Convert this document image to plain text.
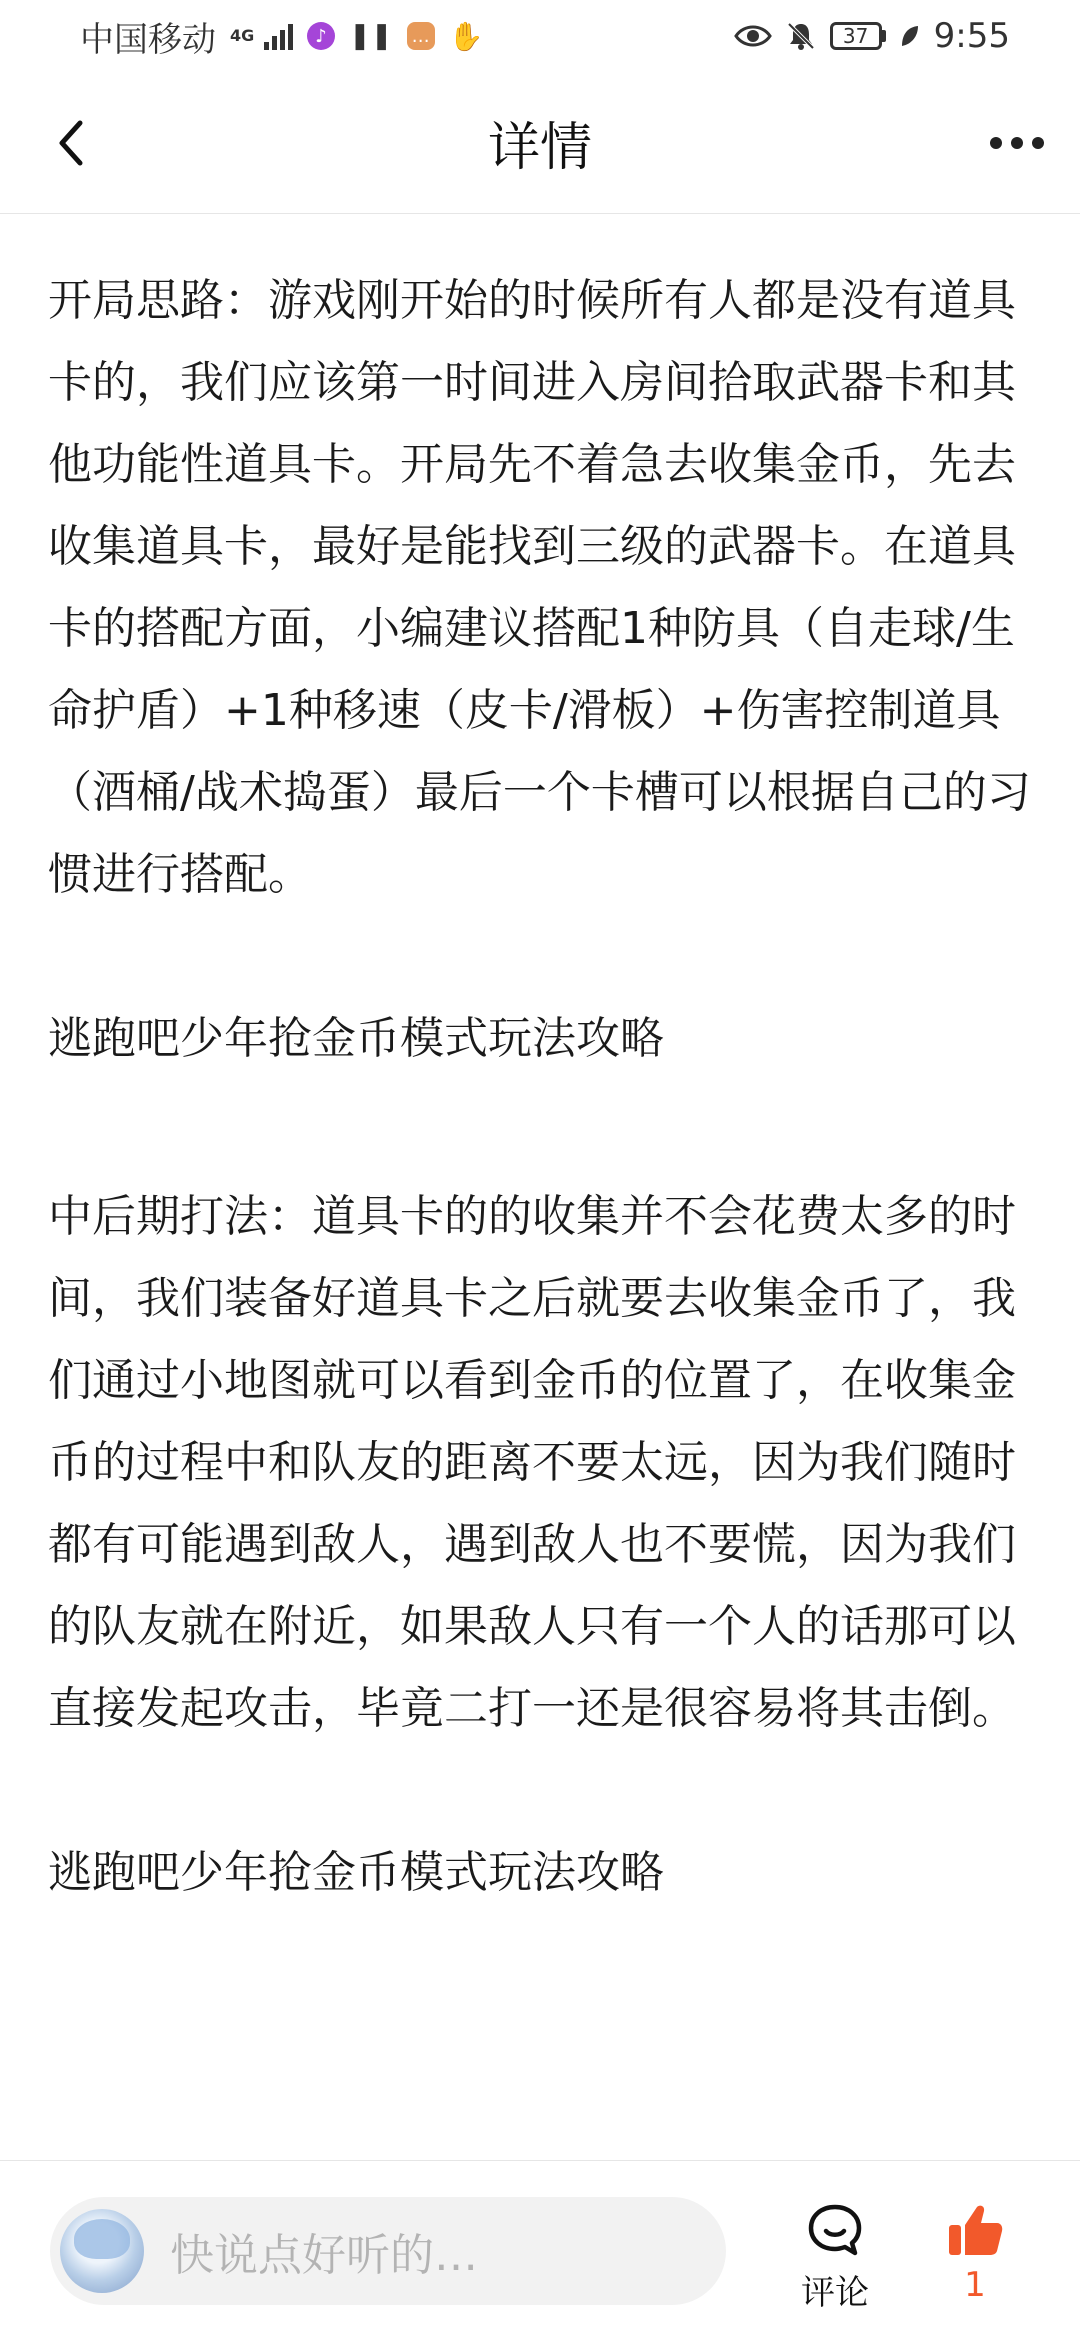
中国移动 4G	♪ ❚❚ … ✋	37	9:55
详情

开局思路：游戏刚开始的时候所有人都是没有道具卡的，我们应该第一时间进入房间拾取武器卡和其他功能性道具卡。开局先不着急去收集金币，先去收集道具卡，最好是能找到三级的武器卡。在道具卡的搭配方面，小编建议搭配1种防具（自走球/生命护盾）+1种移速（皮卡/滑板）+伤害控制道具（酒桶/战术捣蛋）最后一个卡槽可以根据自己的习惯进行搭配。

逃跑吧少年抢金币模式玩法攻略

中后期打法：道具卡的的收集并不会花费太多的时间，我们装备好道具卡之后就要去收集金币了，我们通过小地图就可以看到金币的位置了，在收集金币的过程中和队友的距离不要太远，因为我们随时都有可能遇到敌人，遇到敌人也不要慌，因为我们的队友就在附近，如果敌人只有一个人的话那可以直接发起攻击，毕竟二打一还是很容易将其击倒。

逃跑吧少年抢金币模式玩法攻略

快说点好听的…
评论	1
